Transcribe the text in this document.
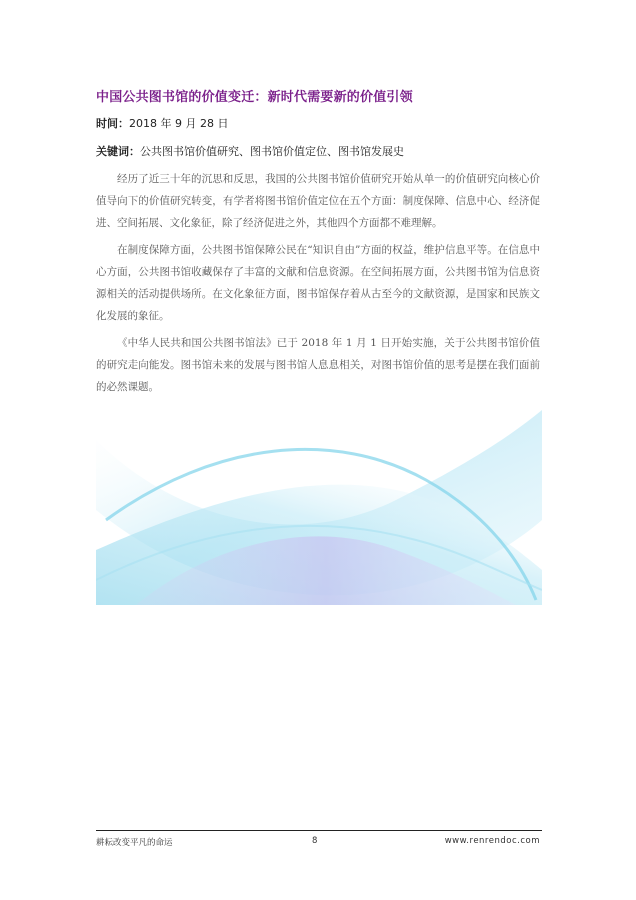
中国公共图书馆的价值变迁：新时代需要新的价值引领
时间：2018 年 9 月 28 日
关键词：公共图书馆价值研究、图书馆价值定位、图书馆发展史

经历了近三十年的沉思和反思，我国的公共图书馆价值研究开始从单一的价值研究向核心价值导向下的价值研究转变，有学者将图书馆价值定位在五个方面：制度保障、信息中心、经济促进、空间拓展、文化象征，除了经济促进之外，其他四个方面都不难理解。

在制度保障方面，公共图书馆保障公民在“知识自由”方面的权益，维护信息平等。在信息中心方面，公共图书馆收藏保存了丰富的文献和信息资源。在空间拓展方面，公共图书馆为信息资源相关的活动提供场所。在文化象征方面，图书馆保存着从古至今的文献资源，是国家和民族文化发展的象征。

《中华人民共和国公共图书馆法》已于 2018 年 1 月 1 日开始实施，关于公共图书馆价值的研究走向能发。图书馆未来的发展与图书馆人息息相关，对图书馆价值的思考是摆在我们面前的必然课题。

耕耘改变平凡的命运	8	www.renrendoc.com
